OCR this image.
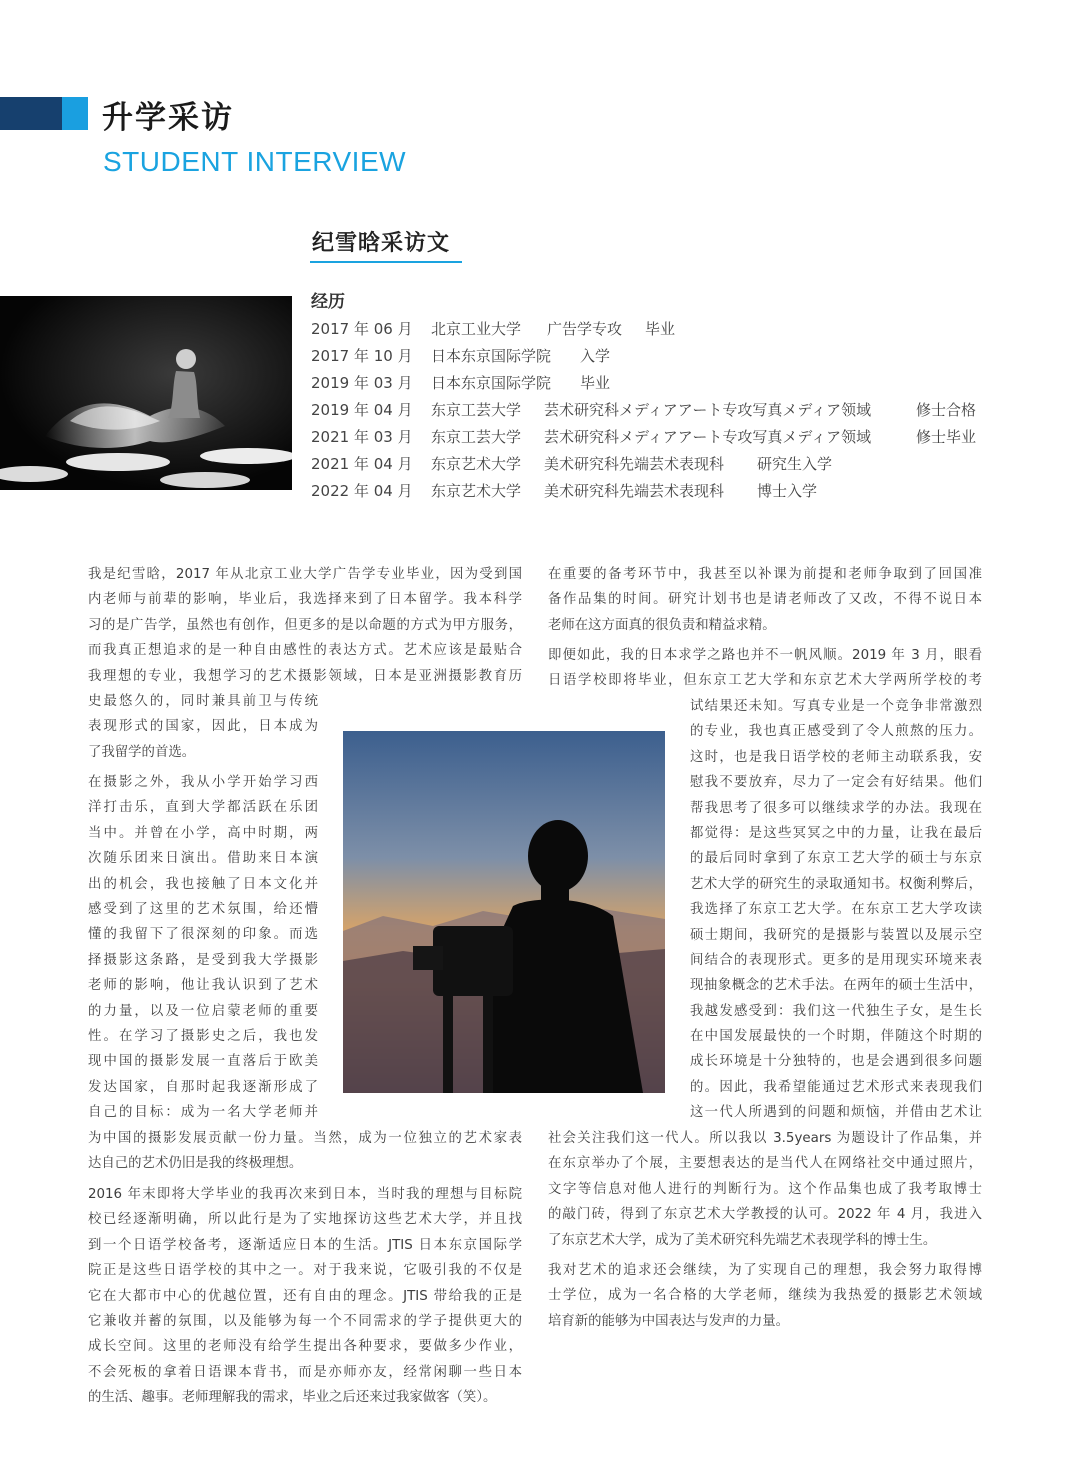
升学采访
STUDENT INTERVIEW
纪雪晗采访文
经历
2017 年 06 月 北京工业大学 广告学专攻 毕业
2017 年 10 月 日本东京国际学院 入学
2019 年 03 月 日本东京国际学院 毕业
2019 年 04 月 东京工芸大学 芸术研究科メディアアート专攻写真メディア领域	修士合格
2021 年 03 月 东京工芸大学 芸术研究科メディアアート专攻写真メディア领域	修士毕业
2021 年 04 月 东京艺术大学 美术研究科先端芸术表现科 研究生入学
2022 年 04 月 东京艺术大学 美术研究科先端芸术表现科 博士入学
我是纪雪晗，2017 年从北京工业大学广告学专业毕业，因为受到国
内老师与前辈的影响，毕业后，我选择来到了日本留学。我本科学
习的是广告学，虽然也有创作，但更多的是以命题的方式为甲方服务，
而我真正想追求的是一种自由感性的表达方式。艺术应该是最贴合
我理想的专业，我想学习的艺术摄影领域，日本是亚洲摄影教育历
史最悠久的，同时兼具前卫与传统
表现形式的国家，因此，日本成为
了我留学的首选。
在摄影之外，我从小学开始学习西
洋打击乐，直到大学都活跃在乐团
当中。并曾在小学，高中时期，两
次随乐团来日演出。借助来日本演
出的机会，我也接触了日本文化并
感受到了这里的艺术氛围，给还懵
懂的我留下了很深刻的印象。而选
择摄影这条路，是受到我大学摄影
老师的影响，他让我认识到了艺术
的力量，以及一位启蒙老师的重要
性。在学习了摄影史之后，我也发
现中国的摄影发展一直落后于欧美
发达国家，自那时起我逐渐形成了
自己的目标：成为一名大学老师并
为中国的摄影发展贡献一份力量。当然，成为一位独立的艺术家表
达自己的艺术仍旧是我的终极理想。
2016 年末即将大学毕业的我再次来到日本，当时我的理想与目标院
校已经逐渐明确，所以此行是为了实地探访这些艺术大学，并且找
到一个日语学校备考，逐渐适应日本的生活。JTIS 日本东京国际学
院正是这些日语学校的其中之一。对于我来说，它吸引我的不仅是
它在大都市中心的优越位置，还有自由的理念。JTIS 带给我的正是
它兼收并蓄的氛围，以及能够为每一个不同需求的学子提供更大的
成长空间。这里的老师没有给学生提出各种要求，要做多少作业，
不会死板的拿着日语课本背书，而是亦师亦友，经常闲聊一些日本
的生活、趣事。老师理解我的需求，毕业之后还来过我家做客（笑）。
在重要的备考环节中，我甚至以补课为前提和老师争取到了回国准
备作品集的时间。研究计划书也是请老师改了又改，不得不说日本
老师在这方面真的很负责和精益求精。
即便如此，我的日本求学之路也并不一帆风顺。2019 年 3 月，眼看
日语学校即将毕业，但东京工艺大学和东京艺术大学两所学校的考
试结果还未知。写真专业是一个竞争非常激烈
的专业，我也真正感受到了令人煎熬的压力。
这时，也是我日语学校的老师主动联系我，安
慰我不要放弃，尽力了一定会有好结果。他们
帮我思考了很多可以继续求学的办法。我现在
都觉得：是这些冥冥之中的力量，让我在最后
的最后同时拿到了东京工艺大学的硕士与东京
艺术大学的研究生的录取通知书。权衡利弊后，
我选择了东京工艺大学。在东京工艺大学攻读
硕士期间，我研究的是摄影与装置以及展示空
间结合的表现形式。更多的是用现实环境来表
现抽象概念的艺术手法。在两年的硕士生活中，
我越发感受到：我们这一代独生子女，是生长
在中国发展最快的一个时期，伴随这个时期的
成长环境是十分独特的，也是会遇到很多问题
的。因此，我希望能通过艺术形式来表现我们
这一代人所遇到的问题和烦恼，并借由艺术让
社会关注我们这一代人。所以我以 3.5years 为题设计了作品集，并
在东京举办了个展，主要想表达的是当代人在网络社交中通过照片，
文字等信息对他人进行的判断行为。这个作品集也成了我考取博士
的敲门砖，得到了东京艺术大学教授的认可。2022 年 4 月，我进入
了东京艺术大学，成为了美术研究科先端艺术表现学科的博士生。
我对艺术的追求还会继续，为了实现自己的理想，我会努力取得博
士学位，成为一名合格的大学老师，继续为我热爱的摄影艺术领域
培育新的能够为中国表达与发声的力量。
